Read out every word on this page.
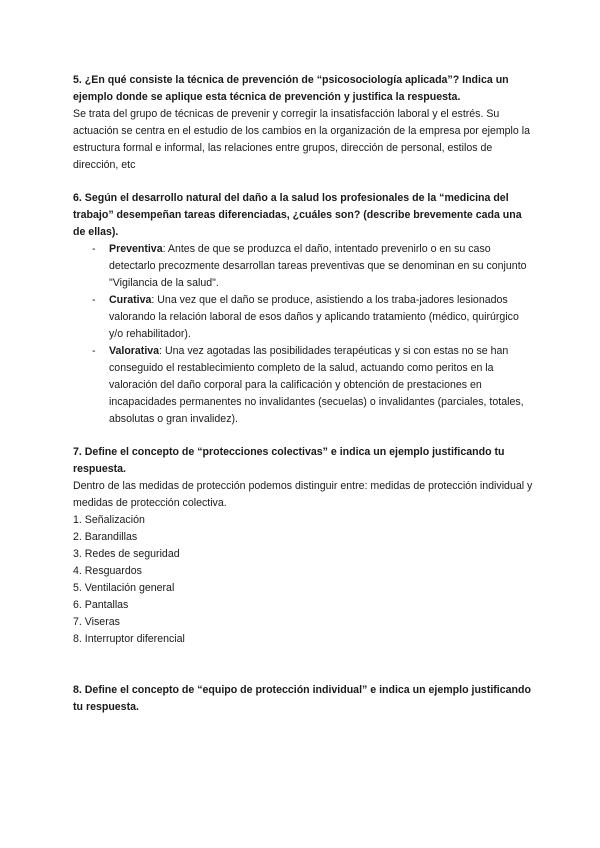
5. ¿En qué consiste la técnica de prevención de “psicosociología aplicada”? Indica un ejemplo donde se aplique esta técnica de prevención y justifica la respuesta.

Se trata del grupo de técnicas de prevenir y corregir la insatisfacción laboral y el estrés. Su actuación se centra en el estudio de los cambios en la organización de la empresa por ejemplo la estructura formal e informal, las relaciones entre grupos, dirección de personal, estilos de dirección, etc

6. Según el desarrollo natural del daño a la salud los profesionales de la “medicina del trabajo” desempeñan tareas diferenciadas, ¿cuáles son? (describe brevemente cada una de ellas).

- Preventiva: Antes de que se produzca el daño, intentado prevenirlo o en su caso detectarlo precozmente desarrollan tareas preventivas que se denominan en su conjunto "Vigilancia de la salud".
- Curativa: Una vez que el daño se produce, asistiendo a los traba-jadores lesionados valorando la relación laboral de esos daños y aplicando tratamiento (médico, quirúrgico y/o rehabilitador).
- Valorativa: Una vez agotadas las posibilidades terapéuticas y si con estas no se han conseguido el restablecimiento completo de la salud, actuando como peritos en la valoración del daño corporal para la calificación y obtención de prestaciones en incapacidades permanentes no invalidantes (secuelas) o invalidantes (parciales, totales, absolutas o gran invalidez).

7. Define el concepto de “protecciones colectivas” e indica un ejemplo justificando tu respuesta.

Dentro de las medidas de protección podemos distinguir entre: medidas de protección individual y medidas de protección colectiva.

1. Señalización
2. Barandillas
3. Redes de seguridad
4. Resguardos
5. Ventilación general
6. Pantallas
7. Viseras
8. Interruptor diferencial

8. Define el concepto de “equipo de protección individual” e indica un ejemplo justificando tu respuesta.
